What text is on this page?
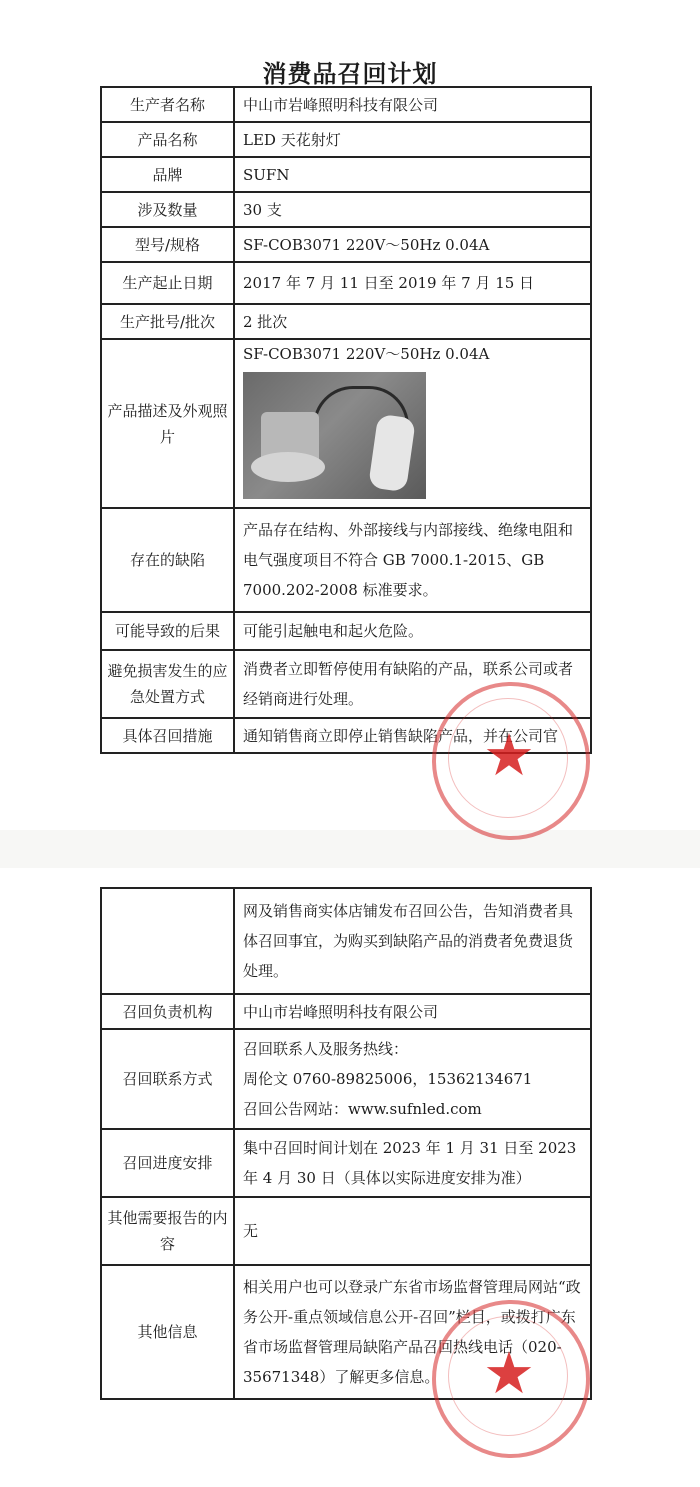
消费品召回计划
生产者名称	中山市岩峰照明科技有限公司
产品名称	LED 天花射灯
品牌	SUFN
涉及数量	30 支
型号/规格	SF-COB3071 220V～50Hz 0.04A
生产起止日期	2017 年 7 月 11 日至 2019 年 7 月 15 日
生产批号/批次	2 批次
产品描述及外观照片	SF-COB3071 220V～50Hz 0.04A

存在的缺陷	产品存在结构、外部接线与内部接线、绝缘电阻和电气强度项目不符合 GB 7000.1-2015、GB 7000.202-2008 标准要求。
可能导致的后果	可能引起触电和起火危险。
避免损害发生的应急处置方式	消费者立即暂停使用有缺陷的产品，联系公司或者经销商进行处理。
具体召回措施	通知销售商立即停止销售缺陷产品，并在公司官
	网及销售商实体店铺发布召回公告，告知消费者具体召回事宜，为购买到缺陷产品的消费者免费退货处理。
召回负责机构	中山市岩峰照明科技有限公司
召回联系方式	召回联系人及服务热线：
周伦文 0760-89825006，15362134671
召回公告网站：www.sufnled.com

召回进度安排	集中召回时间计划在 2023 年 1 月 31 日至 2023 年 4 月 30 日（具体以实际进度安排为准）
其他需要报告的内容	无
其他信息	相关用户也可以登录广东省市场监督管理局网站“政务公开-重点领域信息公开-召回”栏目，或拨打广东省市场监督管理局缺陷产品召回热线电话（020-35671348）了解更多信息。
★
★
